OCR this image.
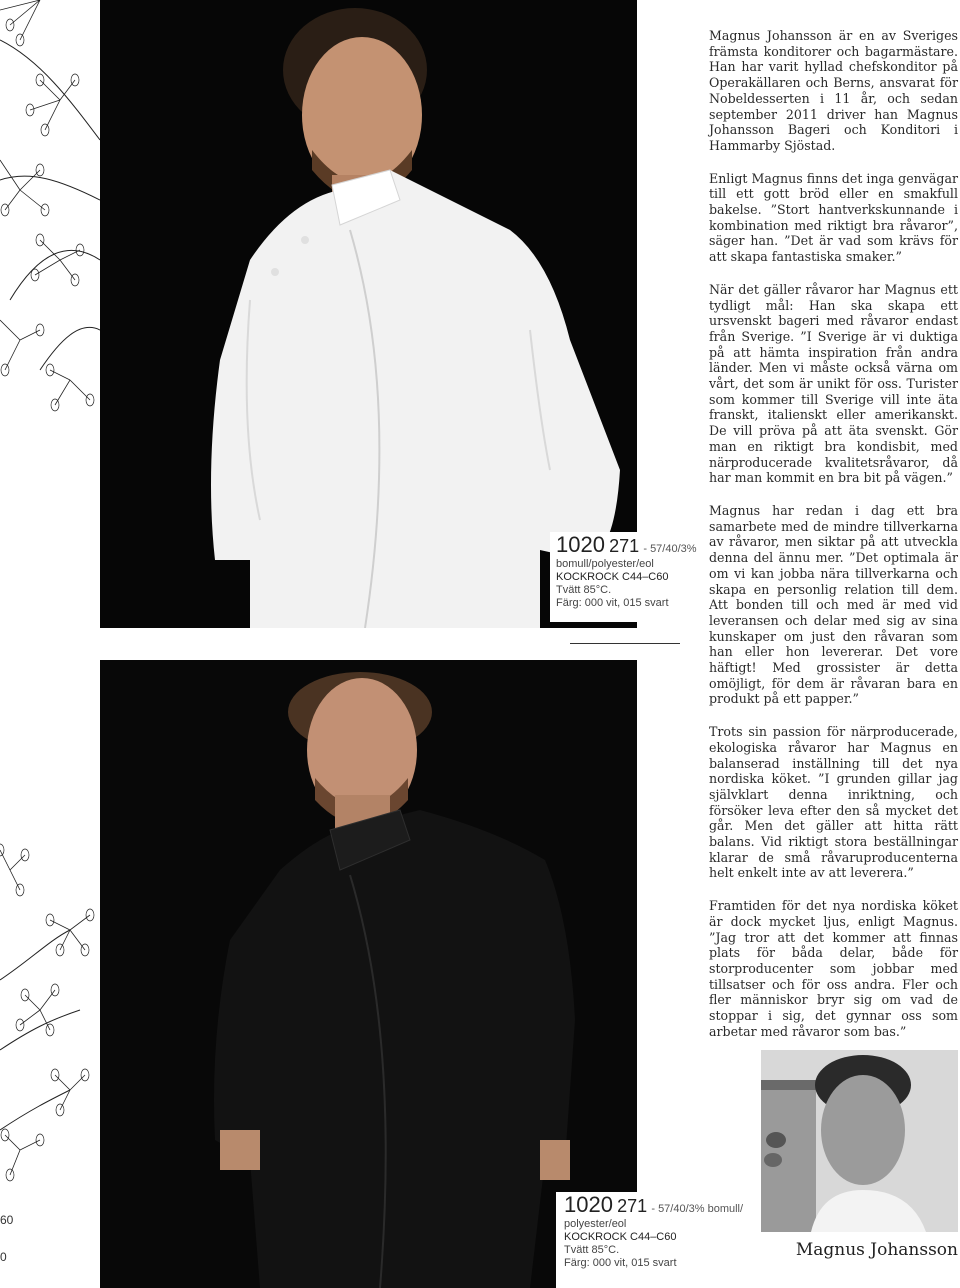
60
0
1020 271 - 57/40/3%
bomull/polyester/eol
KOCKROCK C44–C60
Tvätt 85°C.
Färg: 000 vit, 015 svart
1020 271 - 57/40/3% bomull/
polyester/eol
KOCKROCK C44–C60
Tvätt 85°C.
Färg: 000 vit, 015 svart

Magnus Johansson är en av Sveriges främsta konditorer och bagarmästare. Han har varit hyllad chefskonditor på Operakällaren och Berns, ansvarat för Nobeldesserten i 11 år, och sedan september 2011 driver han Magnus Johansson Bageri och Konditori i Hammarby Sjöstad.

Enligt Magnus finns det inga genvägar till ett gott bröd eller en smakfull bakelse. ”Stort hantverkskunnande i kombination med riktigt bra råvaror”, säger han. ”Det är vad som krävs för att skapa fantastiska smaker.”

När det gäller råvaror har Magnus ett tydligt mål: Han ska skapa ett ursvenskt bageri med råvaror endast från Sverige. ”I Sverige är vi duktiga på att hämta inspiration från andra länder. Men vi måste också värna om vårt, det som är unikt för oss. Turister som kommer till Sverige vill inte äta franskt, italienskt eller amerikanskt. De vill pröva på att äta svenskt. Gör man en riktigt bra kondisbit, med närproducerade kvalitetsråvaror, då har man kommit en bra bit på vägen.”

Magnus har redan i dag ett bra samarbete med de mindre tillverkarna av råvaror, men siktar på att utveckla denna del ännu mer. ”Det optimala är om vi kan jobba nära tillverkarna och skapa en personlig relation till dem. Att bonden till och med är med vid leveransen och delar med sig av sina kunskaper om just den råvaran som han eller hon levererar. Det vore häftigt! Med grossister är detta omöjligt, för dem är råvaran bara en produkt på ett papper.”

Trots sin passion för närproducerade, ekologiska råvaror har Magnus en balanserad inställning till det nya nordiska köket. ”I grunden gillar jag självklart denna inriktning, och försöker leva efter den så mycket det går. Men det gäller att hitta rätt balans. Vid riktigt stora beställningar klarar de små råvaruproducenterna helt enkelt inte av att leverera.”

Framtiden för det nya nordiska köket är dock mycket ljus, enligt Magnus. ”Jag tror att det kommer att finnas plats för båda delar, både för storproducenter som jobbar med tillsatser och för oss andra. Fler och fler människor bryr sig om vad de stoppar i sig, det gynnar oss som arbetar med råvaror som bas.”

Magnus Johansson
